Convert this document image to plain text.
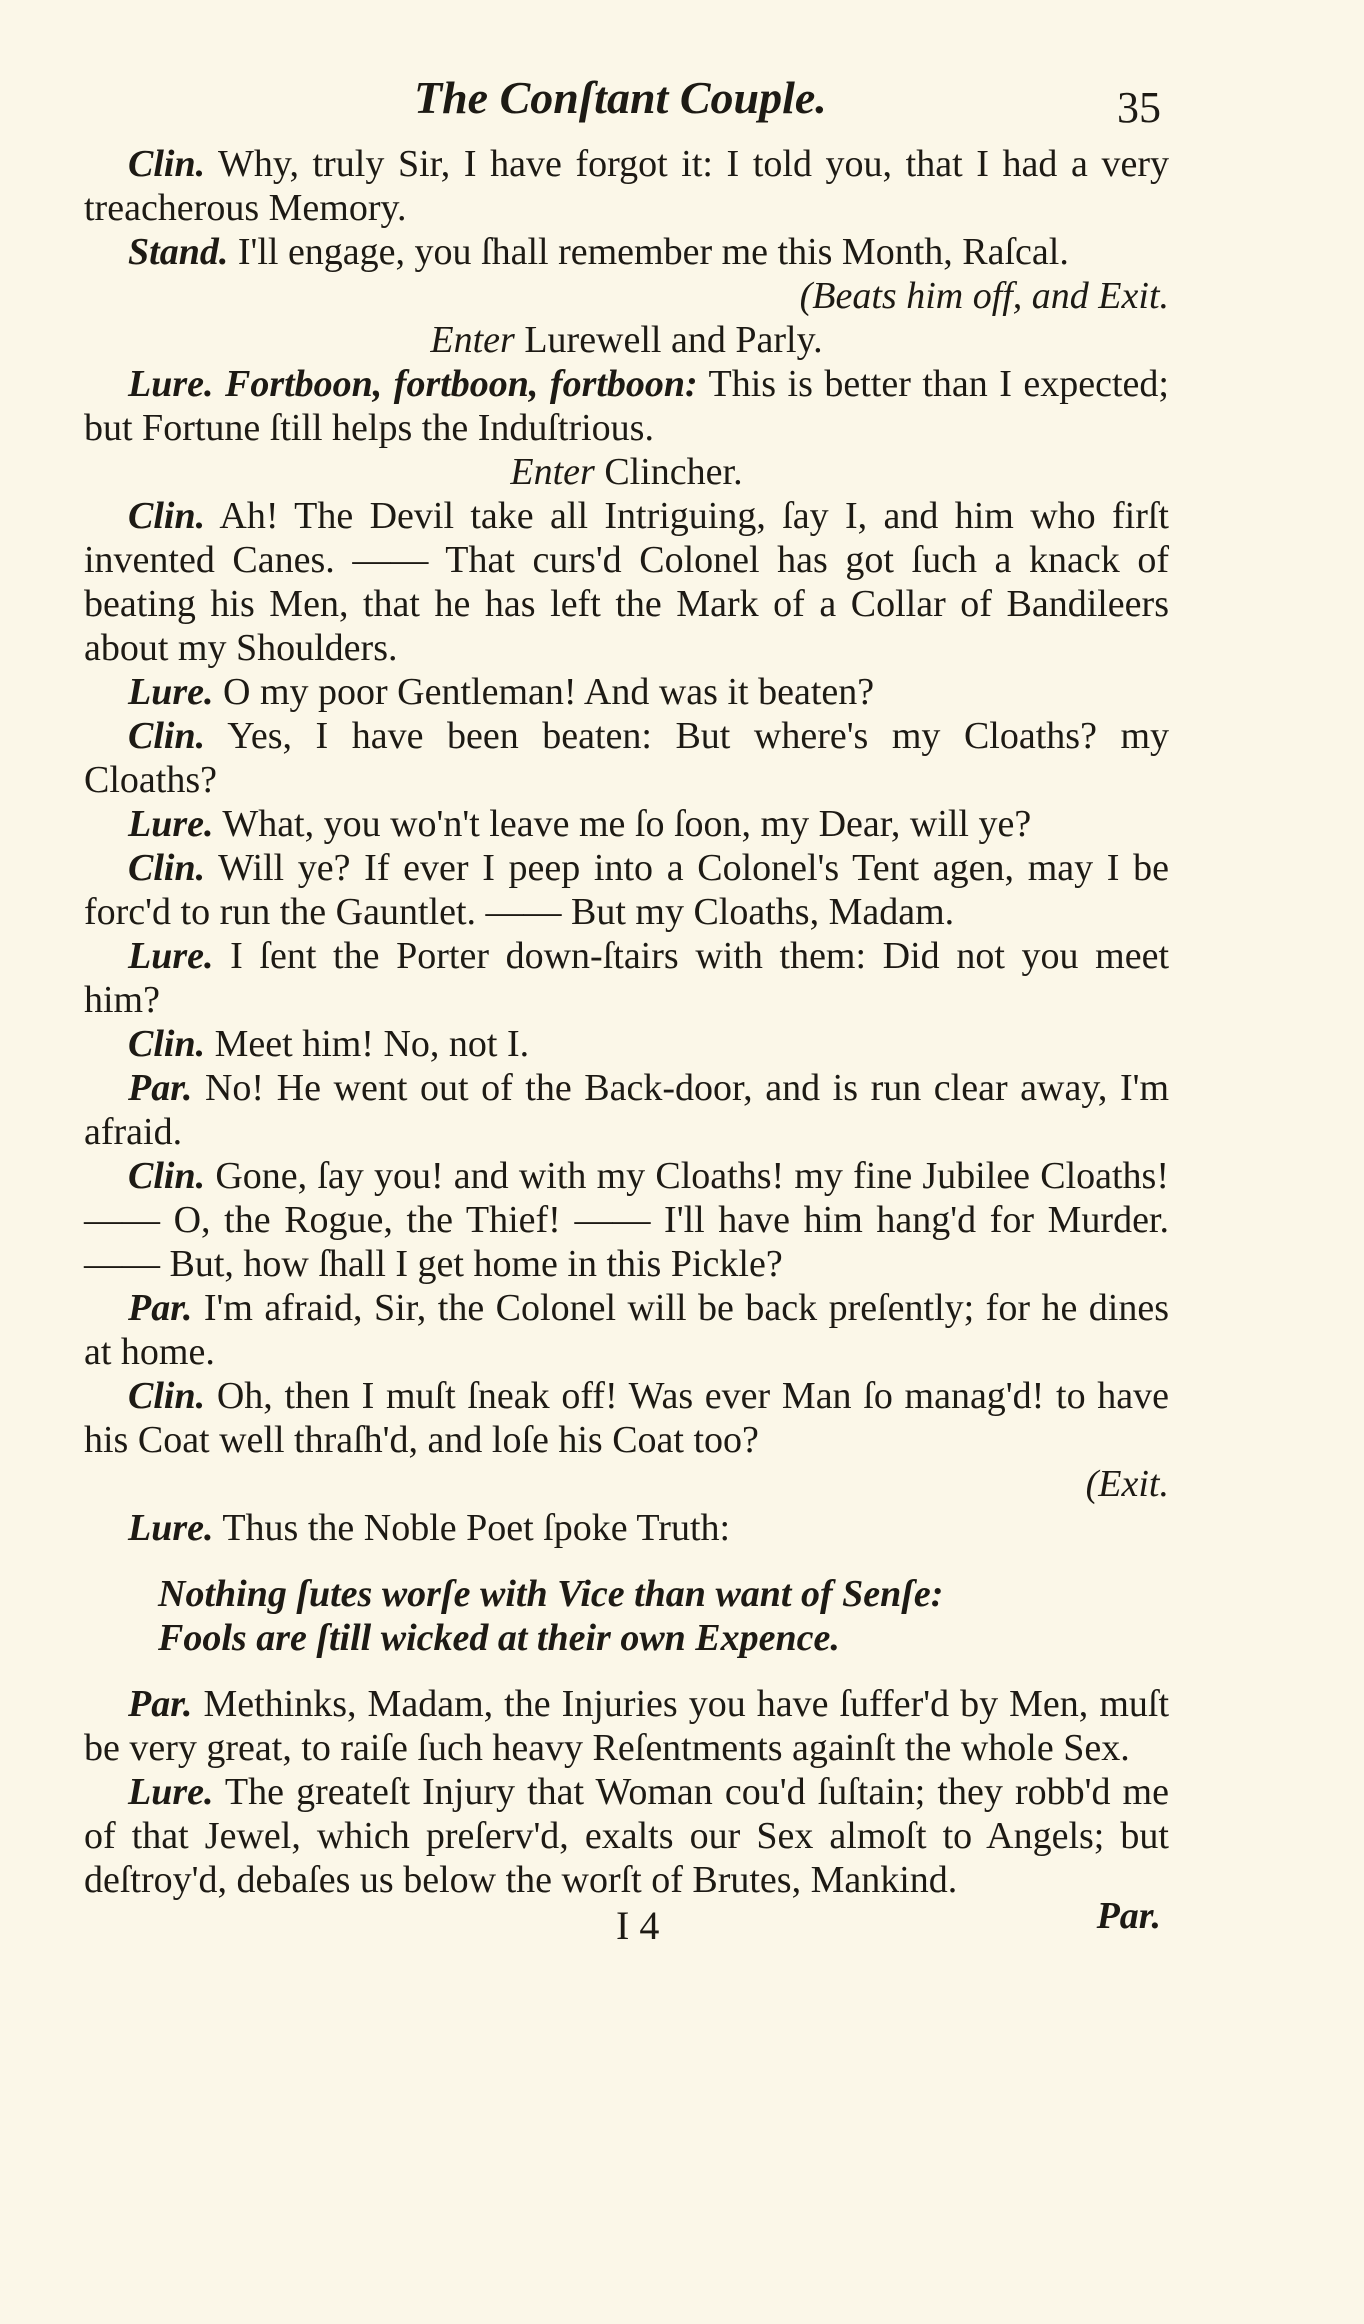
The Conſtant Couple.	35

Clin. Why, truly Sir, I have forgot it: I told you, that I had a very treacherous Memory.

Stand. I'll engage, you ſhall remember me this Month, Raſcal.

(Beats him off, and Exit.

Enter Lurewell and Parly.

Lure. Fortboon, fortboon, fortboon: This is better than I expected; but Fortune ſtill helps the Induſtrious.

Enter Clincher.

Clin. Ah! The Devil take all Intriguing, ſay I, and him who firſt invented Canes. —— That curs'd Colonel has got ſuch a knack of beating his Men, that he has left the Mark of a Collar of Bandileers about my Shoulders.

Lure. O my poor Gentleman! And was it beaten?

Clin. Yes, I have been beaten: But where's my Cloaths? my Cloaths?

Lure. What, you wo'n't leave me ſo ſoon, my Dear, will ye?

Clin. Will ye? If ever I peep into a Colonel's Tent agen, may I be forc'd to run the Gauntlet. —— But my Cloaths, Madam.

Lure. I ſent the Porter down-ſtairs with them: Did not you meet him?

Clin. Meet him! No, not I.

Par. No! He went out of the Back-door, and is run clear away, I'm afraid.

Clin. Gone, ſay you! and with my Cloaths! my fine Jubilee Cloaths! —— O, the Rogue, the Thief! —— I'll have him hang'd for Murder. —— But, how ſhall I get home in this Pickle?

Par. I'm afraid, Sir, the Colonel will be back preſently; for he dines at home.

Clin. Oh, then I muſt ſneak off! Was ever Man ſo manag'd! to have his Coat well thraſh'd, and loſe his Coat too?

(Exit.

Lure. Thus the Noble Poet ſpoke Truth:

Nothing ſutes worſe with Vice than want of Senſe:

Fools are ſtill wicked at their own Expence.

Par. Methinks, Madam, the Injuries you have ſuffer'd by Men, muſt be very great, to raiſe ſuch heavy Reſentments againſt the whole Sex.

Lure. The greateſt Injury that Woman cou'd ſuſtain; they robb'd me of that Jewel, which preſerv'd, exalts our Sex almoſt to Angels; but deſtroy'd, debaſes us below the worſt of Brutes, Mankind.

I 4	Par.
